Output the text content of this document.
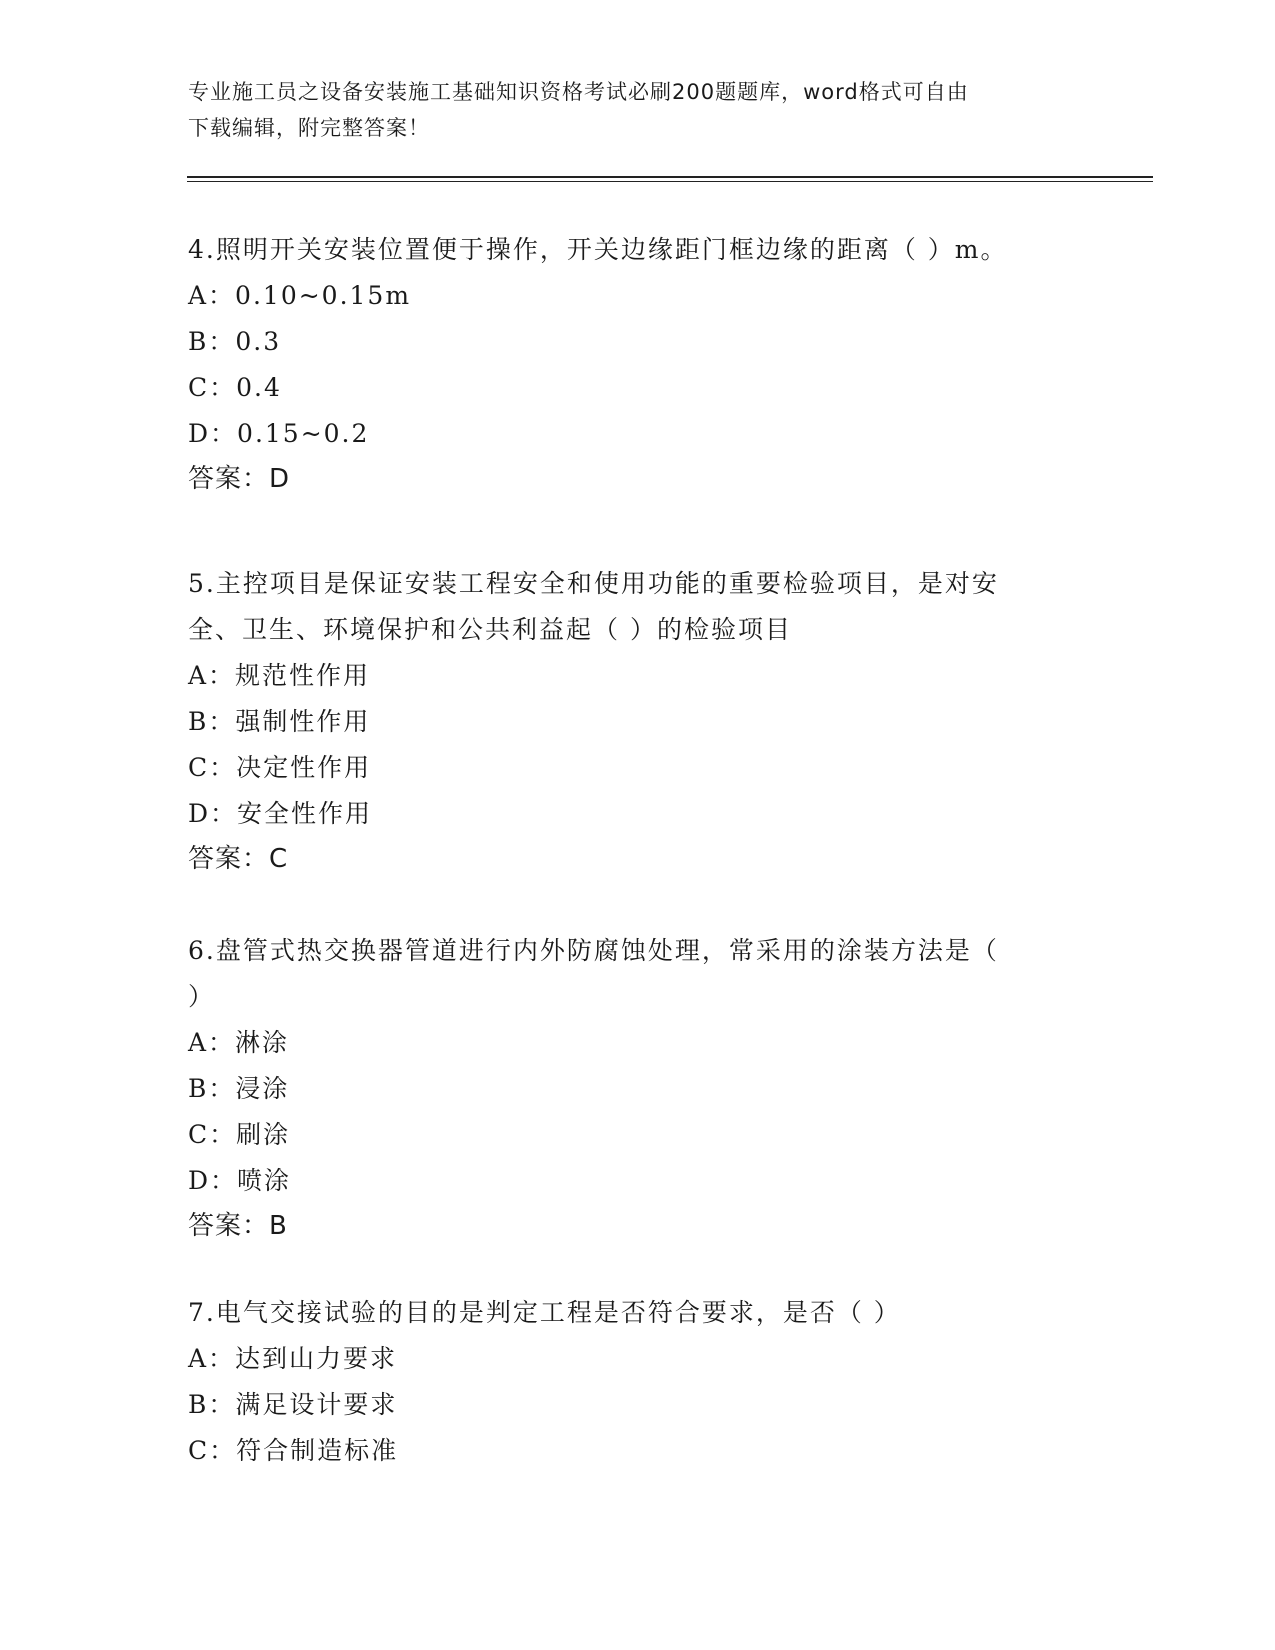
专业施工员之设备安装施工基础知识资格考试必刷200题题库，word格式可自由
下载编辑，附完整答案！

4.照明开关安装位置便于操作，开关边缘距门框边缘的距离（ ）m。

A：0.10~0.15m

B：0.3

C：0.4

D：0.15~0.2

答案：D

5.主控项目是保证安装工程安全和使用功能的重要检验项目，是对安

全、卫生、环境保护和公共利益起（ ）的检验项目

A：规范性作用

B：强制性作用

C：决定性作用

D：安全性作用

答案：C

6.盘管式热交换器管道进行内外防腐蚀处理，常采用的涂装方法是（

）

A：淋涂

B：浸涂

C：刷涂

D：喷涂

答案：B

7.电气交接试验的目的是判定工程是否符合要求，是否（ ）

A：达到山力要求

B：满足设计要求

C：符合制造标准
